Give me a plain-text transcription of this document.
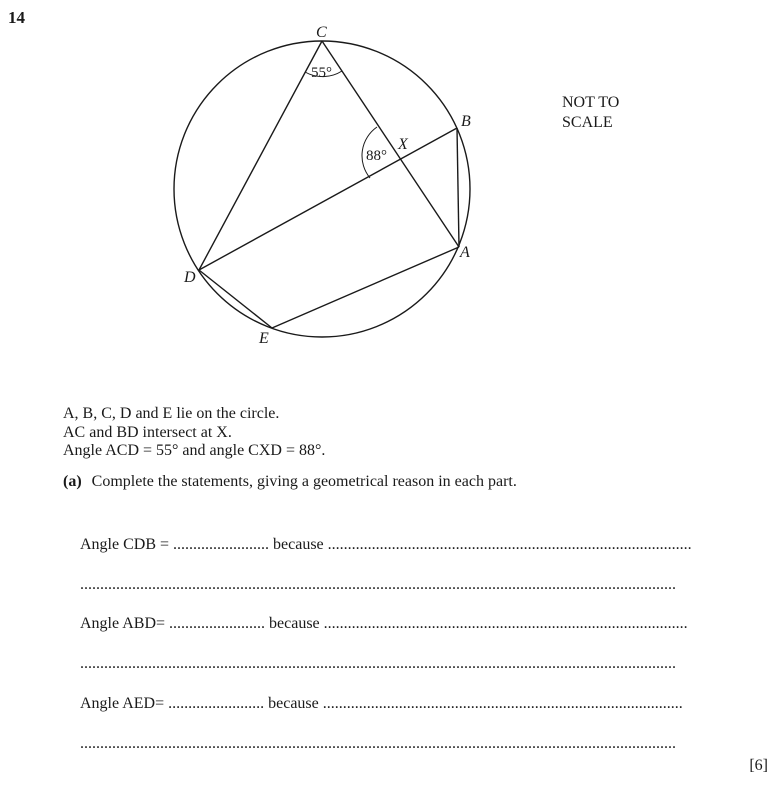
14
C
B
X
A
D
E
55°
88°
NOT TO
SCALE
A, B, C, D and E lie on the circle.
AC and BD intersect at X.
Angle ACD = 55° and angle CXD = 88°.
(a) Complete the statements, giving a geometrical reason in each part.
Angle CDB = ........................ because ...........................................................................................
.....................................................................................................................................................
Angle ABD= ........................ because ...........................................................................................
.....................................................................................................................................................
Angle AED= ........................ because ..........................................................................................
.....................................................................................................................................................
[6]
